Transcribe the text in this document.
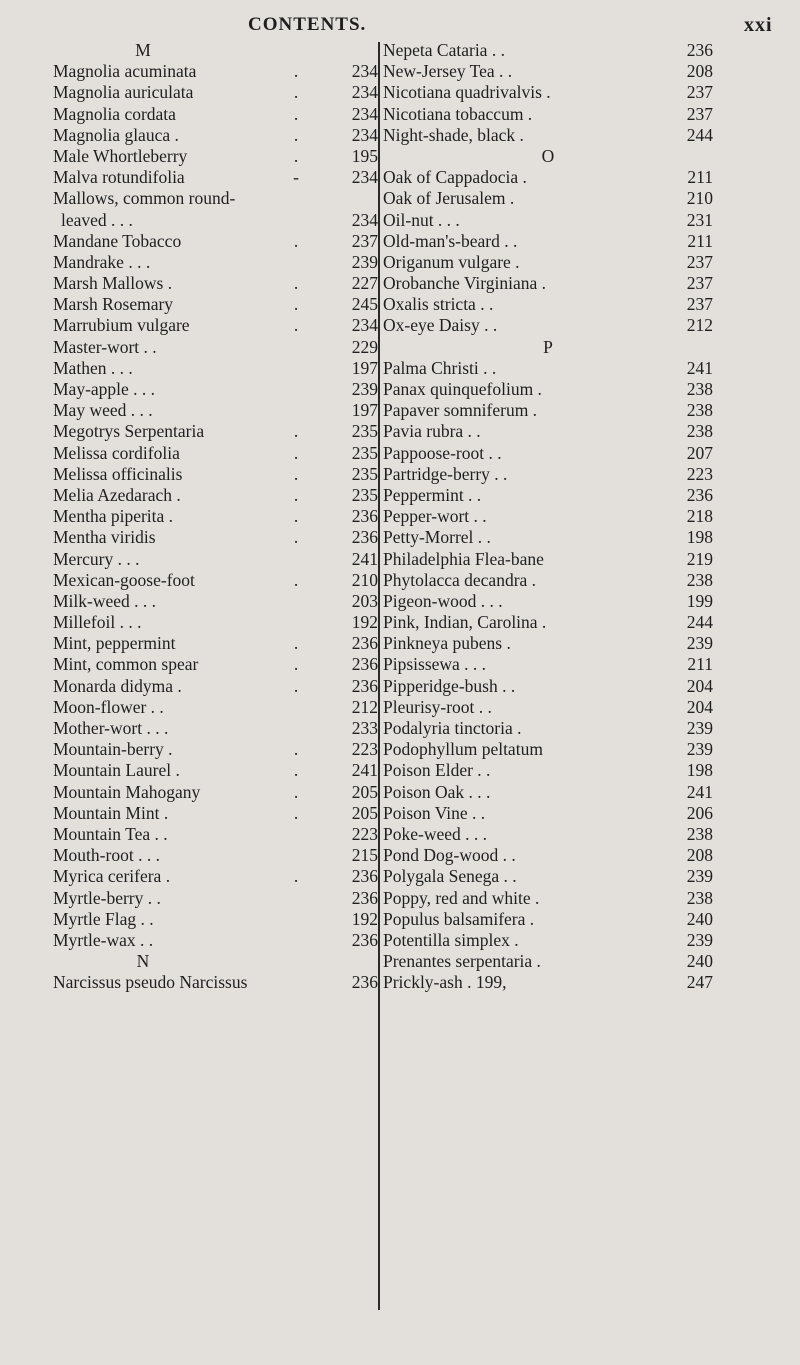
CONTENTS.	xxi
M
Magnolia acuminata	.	234
Magnolia auriculata	.	234
Magnolia cordata	.	234
Magnolia glauca .	.	234
Male Whortleberry	.	195
Malva rotundifolia	-	234
Mallows, common round-
leaved . . .	234
Mandane Tobacco	.	237
Mandrake . . .	239
Marsh Mallows .	.	227
Marsh Rosemary	.	245
Marrubium vulgare	.	234
Master-wort . .	229
Mathen . . .	197
May-apple . . .	239
May weed . . .	197
Megotrys Serpentaria	.	235
Melissa cordifolia	.	235
Melissa officinalis	.	235
Melia Azedarach .	.	235
Mentha piperita .	.	236
Mentha viridis	.	236
Mercury . . .	241
Mexican-goose-foot	.	210
Milk-weed . . .	203
Millefoil . . .	192
Mint, peppermint	.	236
Mint, common spear	.	236
Monarda didyma .	.	236
Moon-flower . .	212
Mother-wort . . .	233
Mountain-berry .	.	223
Mountain Laurel .	.	241
Mountain Mahogany	.	205
Mountain Mint .	.	205
Mountain Tea . .	223
Mouth-root . . .	215
Myrica cerifera .	.	236
Myrtle-berry . .	236
Myrtle Flag . .	192
Myrtle-wax . .	236
N
Narcissus pseudo Narcissus	236
Nepeta Cataria . .	236
New-Jersey Tea . .	208
Nicotiana quadrivalvis .	237
Nicotiana tobaccum .	237
Night-shade, black .	244
O
Oak of Cappadocia .	211
Oak of Jerusalem .	210
Oil-nut . . .	231
Old-man's-beard . .	211
Origanum vulgare .	237
Orobanche Virginiana .	237
Oxalis stricta . .	237
Ox-eye Daisy . .	212
P
Palma Christi . .	241
Panax quinquefolium .	238
Papaver somniferum .	238
Pavia rubra . .	238
Pappoose-root . .	207
Partridge-berry . .	223
Peppermint . .	236
Pepper-wort . .	218
Petty-Morrel . .	198
Philadelphia Flea-bane	219
Phytolacca decandra .	238
Pigeon-wood . . .	199
Pink, Indian, Carolina .	244
Pinkneya pubens .	239
Pipsissewa . . .	211
Pipperidge-bush . .	204
Pleurisy-root . .	204
Podalyria tinctoria .	239
Podophyllum peltatum	239
Poison Elder . .	198
Poison Oak . . .	241
Poison Vine . .	206
Poke-weed . . .	238
Pond Dog-wood . .	208
Polygala Senega . .	239
Poppy, red and white .	238
Populus balsamifera .	240
Potentilla simplex .	239
Prenantes serpentaria .	240
Prickly-ash . 199,	247
